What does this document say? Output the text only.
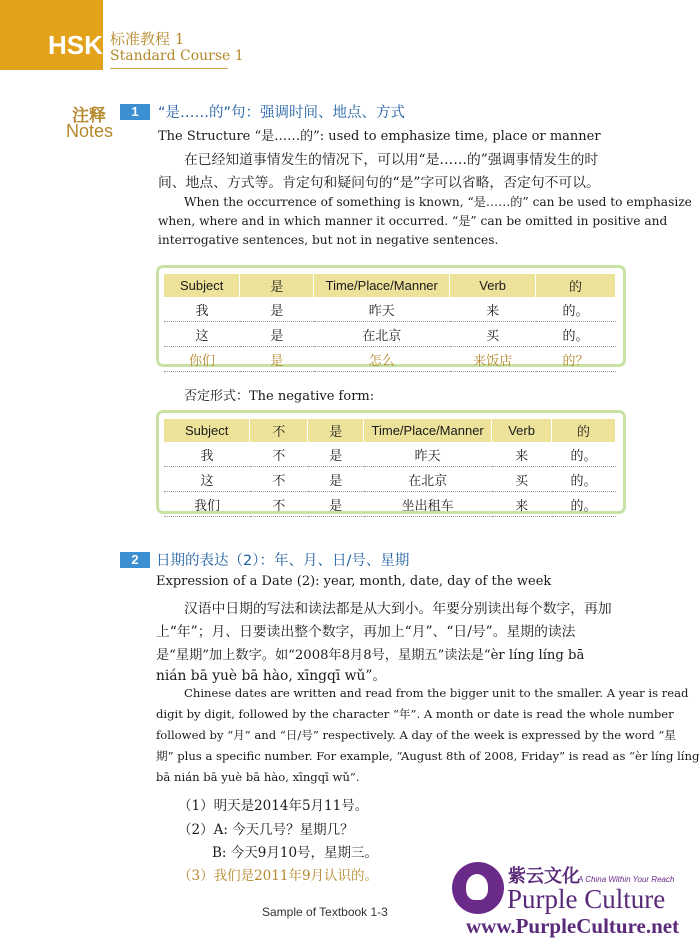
HSK 标准教程 1
Standard Course 1
注释
Notes
1	“是……的”句：强调时间、地点、方式
The Structure “是……的”: used to emphasize time, place or manner
在已经知道事情发生的情况下，可以用“是……的”强调事情发生的时
间、地点、方式等。肯定句和疑问句的“是”字可以省略，否定句不可以。
When the occurrence of something is known, “是……的” can be used to emphasize
when, where and in which manner it occurred. “是” can be omitted in positive and
interrogative sentences, but not in negative sentences.
Subject	是	Time/Place/Manner	Verb	的
我	是	昨天	来	的。
这	是	在北京	买	的。
你们	是	怎么	来饭店	的？
否定形式：The negative form:
Subject	不	是	Time/Place/Manner	Verb	的
我	不	是	昨天	来	的。
这	不	是	在北京	买	的。
我们	不	是	坐出租车	来	的。
2	日期的表达（2）：年、月、日/号、星期
Expression of a Date (2): year, month, date, day of the week
汉语中日期的写法和读法都是从大到小。年要分别读出每个数字，再加
上“年”；月、日要读出整个数字，再加上“月”、“日/号”。星期的读法
是“星期”加上数字。如“2008年8月8号，星期五”读法是“èr líng líng bā
nián bā yuè bā hào, xīngqī wǔ”。
Chinese dates are written and read from the bigger unit to the smaller. A year is read
digit by digit, followed by the character “年”. A month or date is read the whole number
followed by “月” and “日/号” respectively. A day of the week is expressed by the word “星
期” plus a specific number. For example, “August 8th of 2008, Friday” is read as “èr líng líng
bā nián bā yuè bā hào, xīngqī wǔ”.
（1）明天是2014年5月11号。
（2）A: 今天几号？星期几？
B: 今天9月10号，星期三。
（3）我们是2011年9月认识的。
Sample of Textbook 1-3
紫云文化
A China Within Your Reach
Purple Culture
www.PurpleCulture.net
